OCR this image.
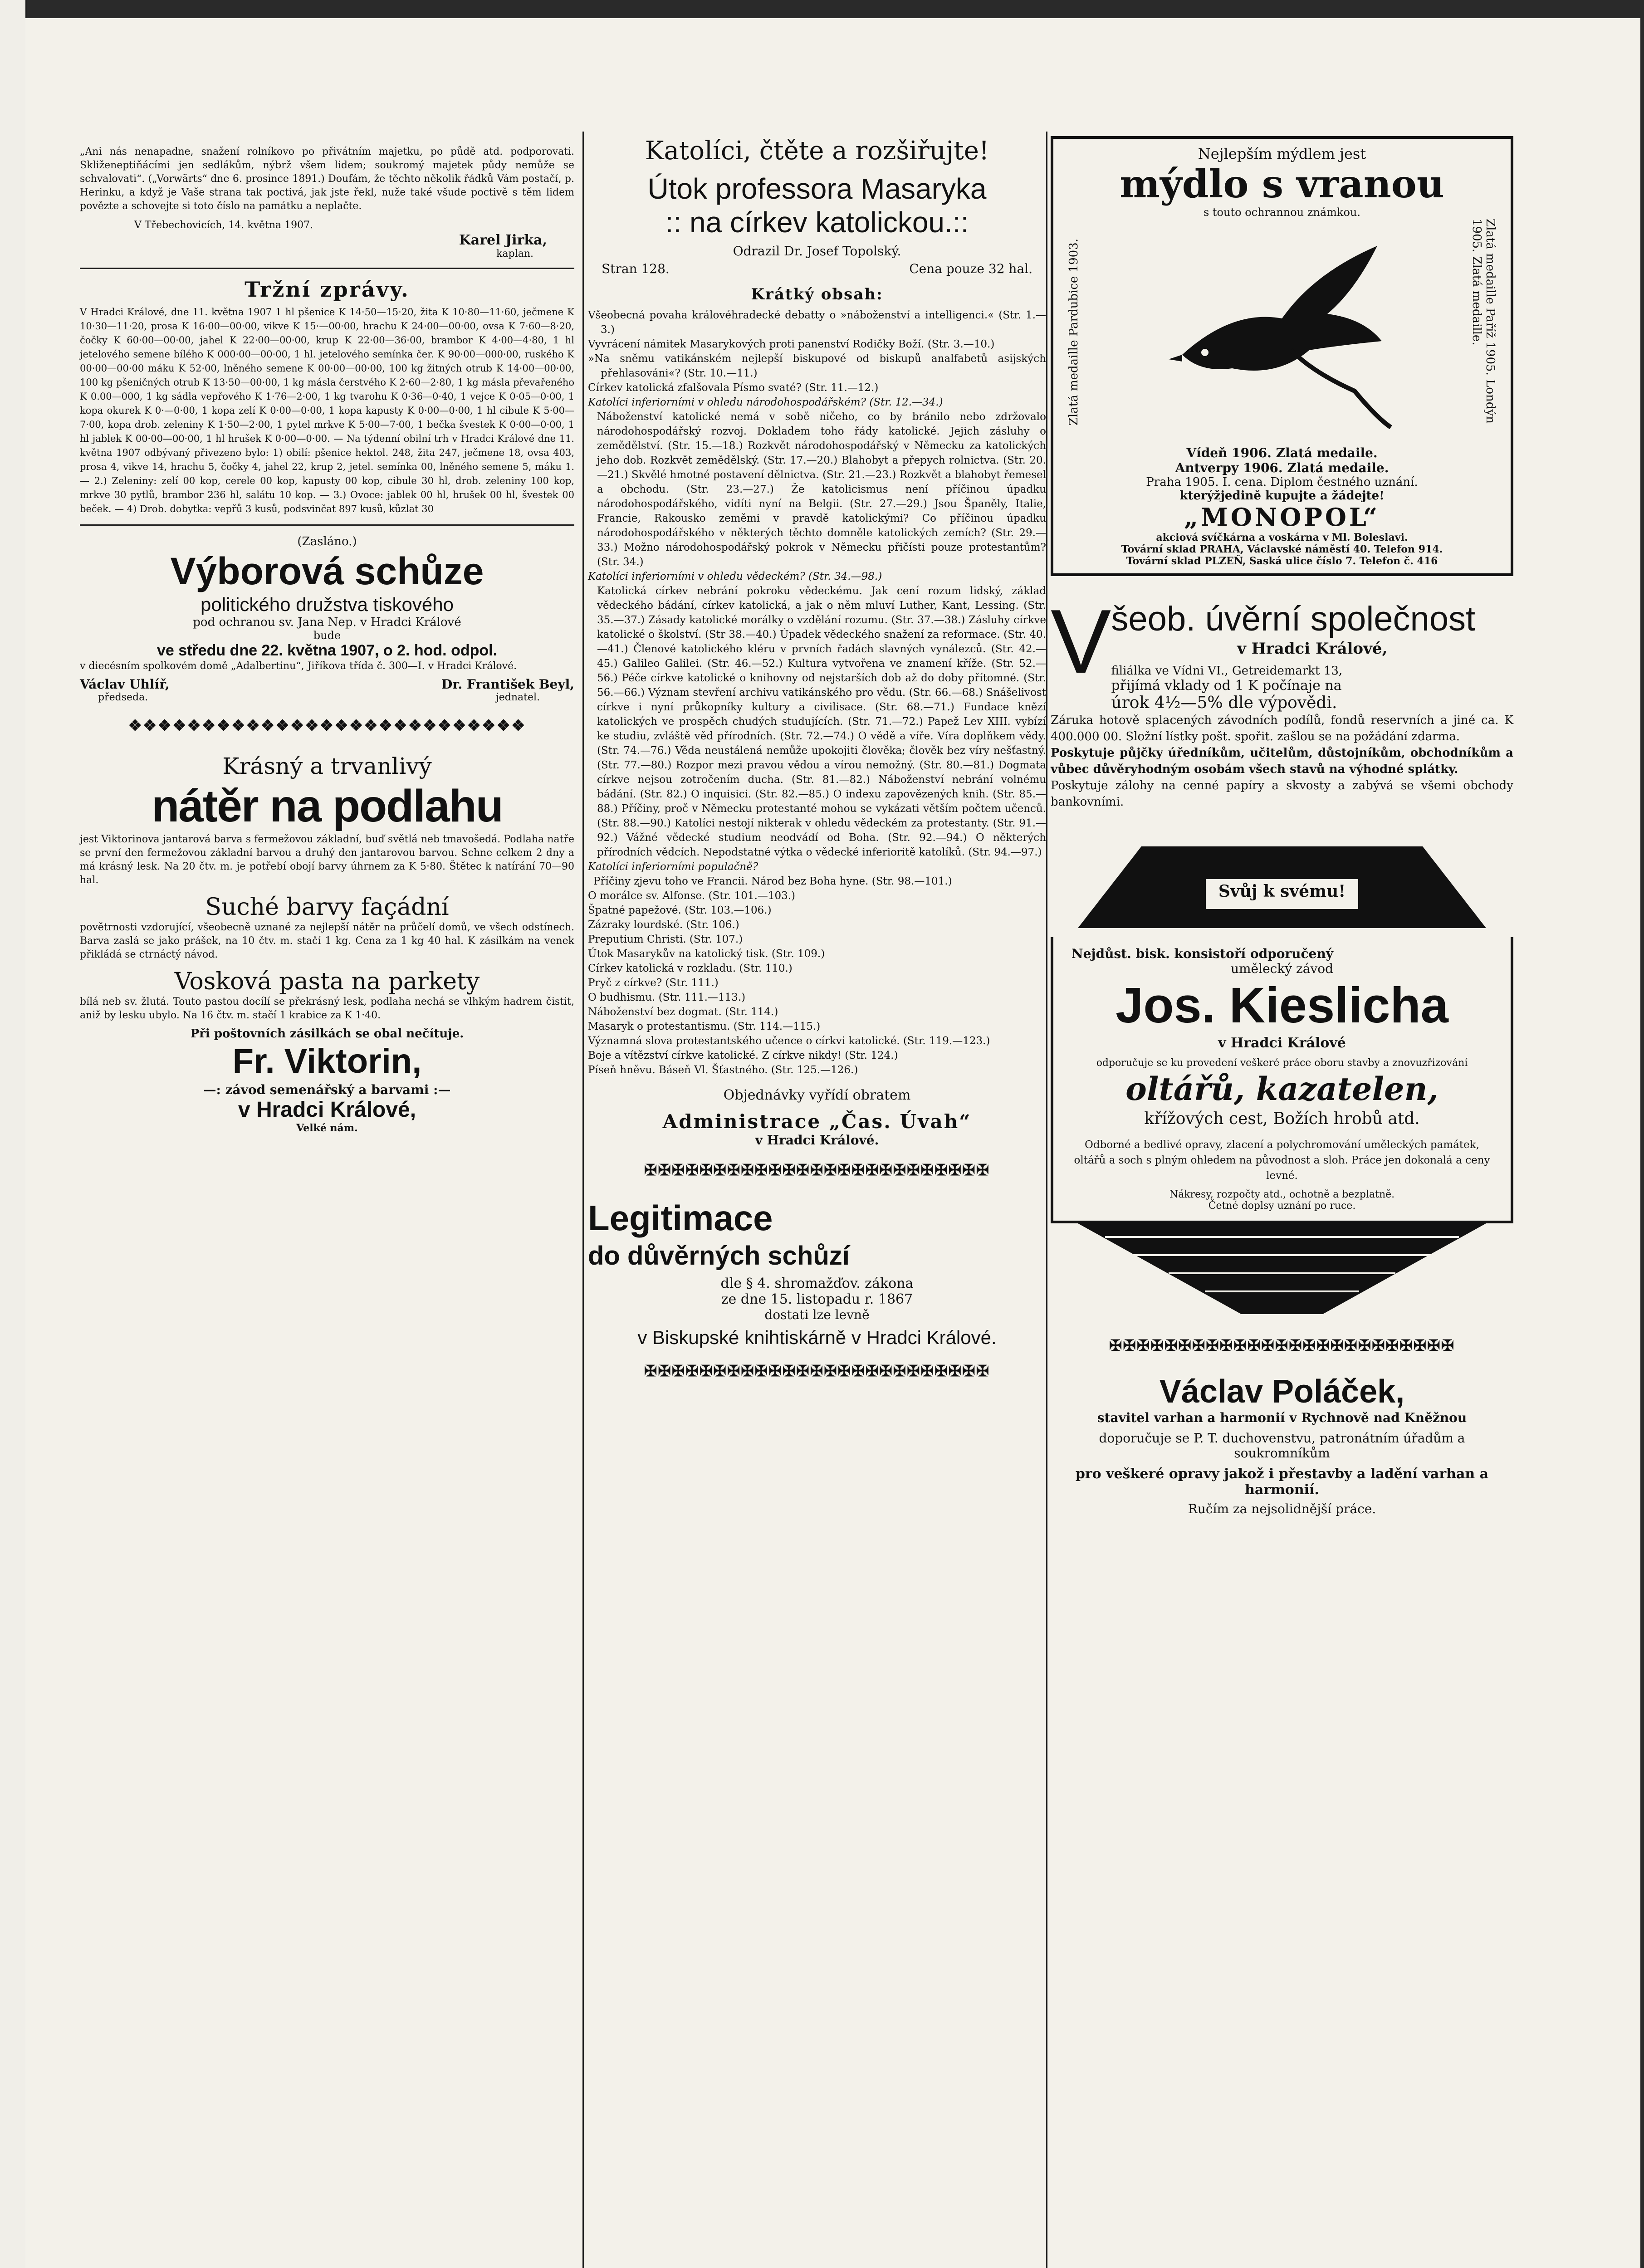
„Ani nás nenapadne, snažení rolníkovo po přivátním majetku, po půdě atd. podporovati. Skliženeptiňácími jen sedlákům, nýbrž všem lidem; soukromý majetek půdy nemůže se schvalovati“. („Vorwärts“ dne 6. prosince 1891.) Doufám, že těchto několik řádků Vám postačí, p. Herinku, a když je Vaše strana tak poctivá, jak jste řekl, nuže také všude poctivě s těm lidem povězte a schovejte si toto číslo na památku a neplačte.
V Třebechovicích, 14. května 1907.
Karel Jirka,
kaplan.
Tržní zprávy.
V Hradci Králové, dne 11. května 1907 1 hl pšenice K 14·50—15·20, žita K 10·80—11·60, ječmene K 10·30—11·20, prosa K 16·00—00·00, vikve K 15·—00·00, hrachu K 24·00—00·00, ovsa K 7·60—8·20, čočky K 60·00—00·00, jahel K 22·00—00·00, krup K 22·00—36·00, brambor K 4·00—4·80, 1 hl jetelového semene bílého K 000·00—00·00, 1 hl. jetelového semínka čer. K 90·00—000·00, ruského K 00·00—00·00 máku K 52·00, lněného semene K 00·00—00·00, 100 kg žitných otrub K 14·00—00·00, 100 kg pšeničných otrub K 13·50—00·00, 1 kg másla čerstvého K 2·60—2·80, 1 kg másla převařeného K 0.00—000, 1 kg sádla vepřového K 1·76—2·00, 1 kg tvarohu K 0·36—0·40, 1 vejce K 0·05—0·00, 1 kopa okurek K 0·—0·00, 1 kopa zelí K 0·00—0·00, 1 kopa kapusty K 0·00—0·00, 1 hl cibule K 5·00—7·00, kopa drob. zeleniny K 1·50—2·00, 1 pytel mrkve K 5·00—7·00, 1 bečka švestek K 0·00—0·00, 1 hl jablek K 00·00—00·00, 1 hl hrušek K 0·00—0·00. — Na týdenní obilní trh v Hradci Králové dne 11. května 1907 odbývaný přivezeno bylo: 1) obilí: pšenice hektol. 248, žita 247, ječmene 18, ovsa 403, prosa 4, vikve 14, hrachu 5, čočky 4, jahel 22, krup 2, jetel. semínka 00, lněného semene 5, máku 1. — 2.) Zeleniny: zelí 00 kop, cerele 00 kop, kapusty 00 kop, cibule 30 hl, drob. zeleniny 100 kop, mrkve 30 pytlů, brambor 236 hl, salátu 10 kop. — 3.) Ovoce: jablek 00 hl, hrušek 00 hl, švestek 00 beček. — 4) Drob. dobytka: vepřů 3 kusů, podsvinčat 897 kusů, kůzlat 30
(Zasláno.)
Výborová schůze
politického družstva tiskového
pod ochranou sv. Jana Nep. v Hradci Králové
bude
ve středu dne 22. května 1907, o 2. hod. odpol.
v diecésním spolkovém domě „Adalbertinu“, Jiříkova třída č. 300—I. v Hradci Králové.
Václav Uhlíř,
předseda.
Dr. František Beyl,
jednatel.
❖❖❖❖❖❖❖❖❖❖❖❖❖❖❖❖❖❖❖❖❖❖❖❖❖❖❖
Krásný a trvanlivý
nátěr na podlahu
jest Viktorinova jantarová barva s fermežovou základní, buď světlá neb tmavošedá. Podlaha natře se první den fermežovou základní barvou a druhý den jantarovou barvou. Schne celkem 2 dny a má krásný lesk. Na 20 čtv. m. je potřebí obojí barvy úhrnem za K 5·80. Štětec k natírání 70—90 hal.
Suché barvy façádní
povětrnosti vzdorující, všeobecně uznané za nejlepší nátěr na průčelí domů, ve všech odstínech. Barva zaslá se jako prášek, na 10 čtv. m. stačí 1 kg. Cena za 1 kg 40 hal. K zásilkám na venek přikládá se ctrnáctý návod.
Vosková pasta na parkety
bílá neb sv. žlutá. Touto pastou docílí se překrásný lesk, podlaha nechá se vlhkým hadrem čistit, aniž by lesku ubylo. Na 16 čtv. m. stačí 1 krabice za K 1·40.
Při poštovních zásilkách se obal nečítuje.
Fr. Viktorin,
—: závod semenářský a barvami :—
v Hradci Králové,
Velké nám.
Katolíci, čtěte a rozšiřujte!
Útok professora Masaryka
:: na církev katolickou.::
Odrazil Dr. Josef Topolský.
Stran 128.	Cena pouze 32 hal.
Krátký obsah:
Všeobecná povaha královéhradecké debatty o »náboženství a intelligenci.« (Str. 1.—3.)
Vyvrácení námitek Masarykových proti panenství Rodičky Boží. (Str. 3.—10.)
»Na sněmu vatikánském nejlepší biskupové od biskupů analfabetů asijských přehlasováni«? (Str. 10.—11.)
Církev katolická zfalšovala Písmo svaté? (Str. 11.—12.)
Katolíci inferiorními v ohledu národohospodářském? (Str. 12.—34.)
Náboženství katolické nemá v sobě ničeho, co by bránilo nebo zdržovalo národohospodářský rozvoj. Dokladem toho řády katolické. Jejich zásluhy o zemědělství. (Str. 15.—18.) Rozkvět národohospodářský v Německu za katolických jeho dob. Rozkvět zemědělský. (Str. 17.—20.) Blahobyt a přepych rolnictva. (Str. 20.—21.) Skvělé hmotné postavení dělnictva. (Str. 21.—23.) Rozkvět a blahobyt řemesel a obchodu. (Str. 23.—27.) Že katolicismus není příčinou úpadku národohospodářského, vidíti nyní na Belgii. (Str. 27.—29.) Jsou Španěly, Italie, Francie, Rakousko zeměmi v pravdě katolickými? Co příčinou úpadku národohospodářského v některých těchto domněle katolických zemích? (Str. 29.—33.) Možno národohospodářský pokrok v Německu přičísti pouze protestantům? (Str. 34.)
Katolíci inferiorními v ohledu vědeckém? (Str. 34.—98.)
Katolická církev nebrání pokroku vědeckému. Jak cení rozum lidský, základ vědeckého bádání, církev katolická, a jak o něm mluví Luther, Kant, Lessing. (Str. 35.—37.) Zásady katolické morálky o vzdělání rozumu. (Str. 37.—38.) Zásluhy církve katolické o školství. (Str 38.—40.) Úpadek vědeckého snažení za reformace. (Str. 40.—41.) Členové katolického kléru v prvních řadách slavných vynálezců. (Str. 42.—45.) Galileo Galilei. (Str. 46.—52.) Kultura vytvořena ve znamení kříže. (Str. 52.—56.) Péče církve katolické o knihovny od nejstarších dob až do doby přítomné. (Str. 56.—66.) Význam stevření archivu vatikánského pro vědu. (Str. 66.—68.) Snášelivost církve i nyní průkopníky kultury a civilisace. (Str. 68.—71.) Fundace knězí katolických ve prospěch chudých studujících. (Str. 71.—72.) Papež Lev XIII. vybízí ke studiu, zvláště věd přírodních. (Str. 72.—74.) O vědě a víře. Víra doplňkem vědy. (Str. 74.—76.) Věda neustálená nemůže upokojiti člověka; člověk bez víry nešťastný. (Str. 77.—80.) Rozpor mezi pravou vědou a vírou nemožný. (Str. 80.—81.) Dogmata církve nejsou zotročením ducha. (Str. 81.—82.) Náboženství nebrání volnému bádání. (Str. 82.) O inquisici. (Str. 82.—85.) O indexu zapovězených knih. (Str. 85.—88.) Příčiny, proč v Německu protestanté mohou se vykázati větším počtem učenců. (Str. 88.—90.) Katolíci nestojí nikterak v ohledu vědeckém za protestanty. (Str. 91.—92.) Vážné vědecké studium neodvádí od Boha. (Str. 92.—94.) O některých přírodních vědcích. Nepodstatné výtka o vědecké inferioritě katolíků. (Str. 94.—97.)
Katolíci inferiorními populačně?
Příčiny zjevu toho ve Francii. Národ bez Boha hyne. (Str. 98.—101.)
O morálce sv. Alfonse. (Str. 101.—103.)
Špatné papežové. (Str. 103.—106.)
Zázraky lourdské. (Str. 106.)
Preputium Christi. (Str. 107.)
Útok Masarykův na katolický tisk. (Str. 109.)
Církev katolická v rozkladu. (Str. 110.)
Pryč z církve? (Str. 111.)
O budhismu. (Str. 111.—113.)
Náboženství bez dogmat. (Str. 114.)
Masaryk o protestantismu. (Str. 114.—115.)
Významná slova protestantského učence o církvi katolické. (Str. 119.—123.)
Boje a vítězství církve katolické. Z církve nikdy! (Str. 124.)
Píseň hněvu. Báseň Vl. Šťastného. (Str. 125.—126.)
Objednávky vyřídí obratem
Administrace „Čas. Úvah“
v Hradci Králové.
✠✠✠✠✠✠✠✠✠✠✠✠✠✠✠✠✠✠✠✠✠✠✠✠✠
Legitimace
do důvěrných schůzí
dle § 4. shromažďov. zákona
ze dne 15. listopadu r. 1867
dostati lze levně
v Biskupské knihtiskárně v Hradci Králové.
✠✠✠✠✠✠✠✠✠✠✠✠✠✠✠✠✠✠✠✠✠✠✠✠✠
Nejlepším mýdlem jest
mýdlo s vranou
s touto ochrannou známkou.
Zlatá medaille Pardubice 1903.	Zlatá medaille Paříž 1905. Londýn 1905. Zlatá medaille.
Vídeň 1906. Zlatá medaile.
Antverpy 1906. Zlatá medaile.
Praha 1905. I. cena. Diplom čestného uznání.
kterýžjedině kupujte a žádejte!
„MONOPOL“
akciová svíčkárna a voskárna v Ml. Boleslavi.
Tovární sklad PRAHA, Václavské náměstí 40. Telefon 914.
Tovární sklad PLZEŇ, Saská ulice číslo 7. Telefon č. 416
V šeob. úvěrní společnost
v Hradci Králové,
filiálka ve Vídni VI., Getreidemarkt 13,
přijímá vklady od 1 K počínaje na
úrok 4½—5% dle výpovědi.
Záruka hotově splacených závodních podílů, fondů reservních a jiné ca. K 400.000 00. Složní lístky pošt. spořit. zašlou se na požádání zdarma.
Poskytuje půjčky úředníkům, učitelům, důstojníkům, obchodníkům a vůbec důvěryhodným osobám všech stavů na výhodné splátky.
Poskytuje zálohy na cenné papíry a skvosty a zabývá se všemi obchody bankovními.
Svůj k svému!
Nejdůst. bisk. konsistoří odporučený
umělecký závod
Jos. Kieslicha
v Hradci Králové
odporučuje se ku provedení veškeré práce oboru stavby a znovuzřizování
oltářů, kazatelen,
křížových cest, Božích hrobů atd.
Odborné a bedlivé opravy, zlacení a polychromování uměleckých památek, oltářů a soch s plným ohledem na původnost a sloh. Práce jen dokonalá a ceny levné.
Nákresy, rozpočty atd., ochotně a bezplatně.
Četné doplsy uznání po ruce.
✠✠✠✠✠✠✠✠✠✠✠✠✠✠✠✠✠✠✠✠✠✠✠✠✠
Václav Poláček,
stavitel varhan a harmonií v Rychnově nad Kněžnou
doporučuje se P. T. duchovenstvu, patronátním úřadům a soukromníkům
pro veškeré opravy jakož i přestavby a ladění varhan a harmonií.
Ručím za nejsolidnější práce.
